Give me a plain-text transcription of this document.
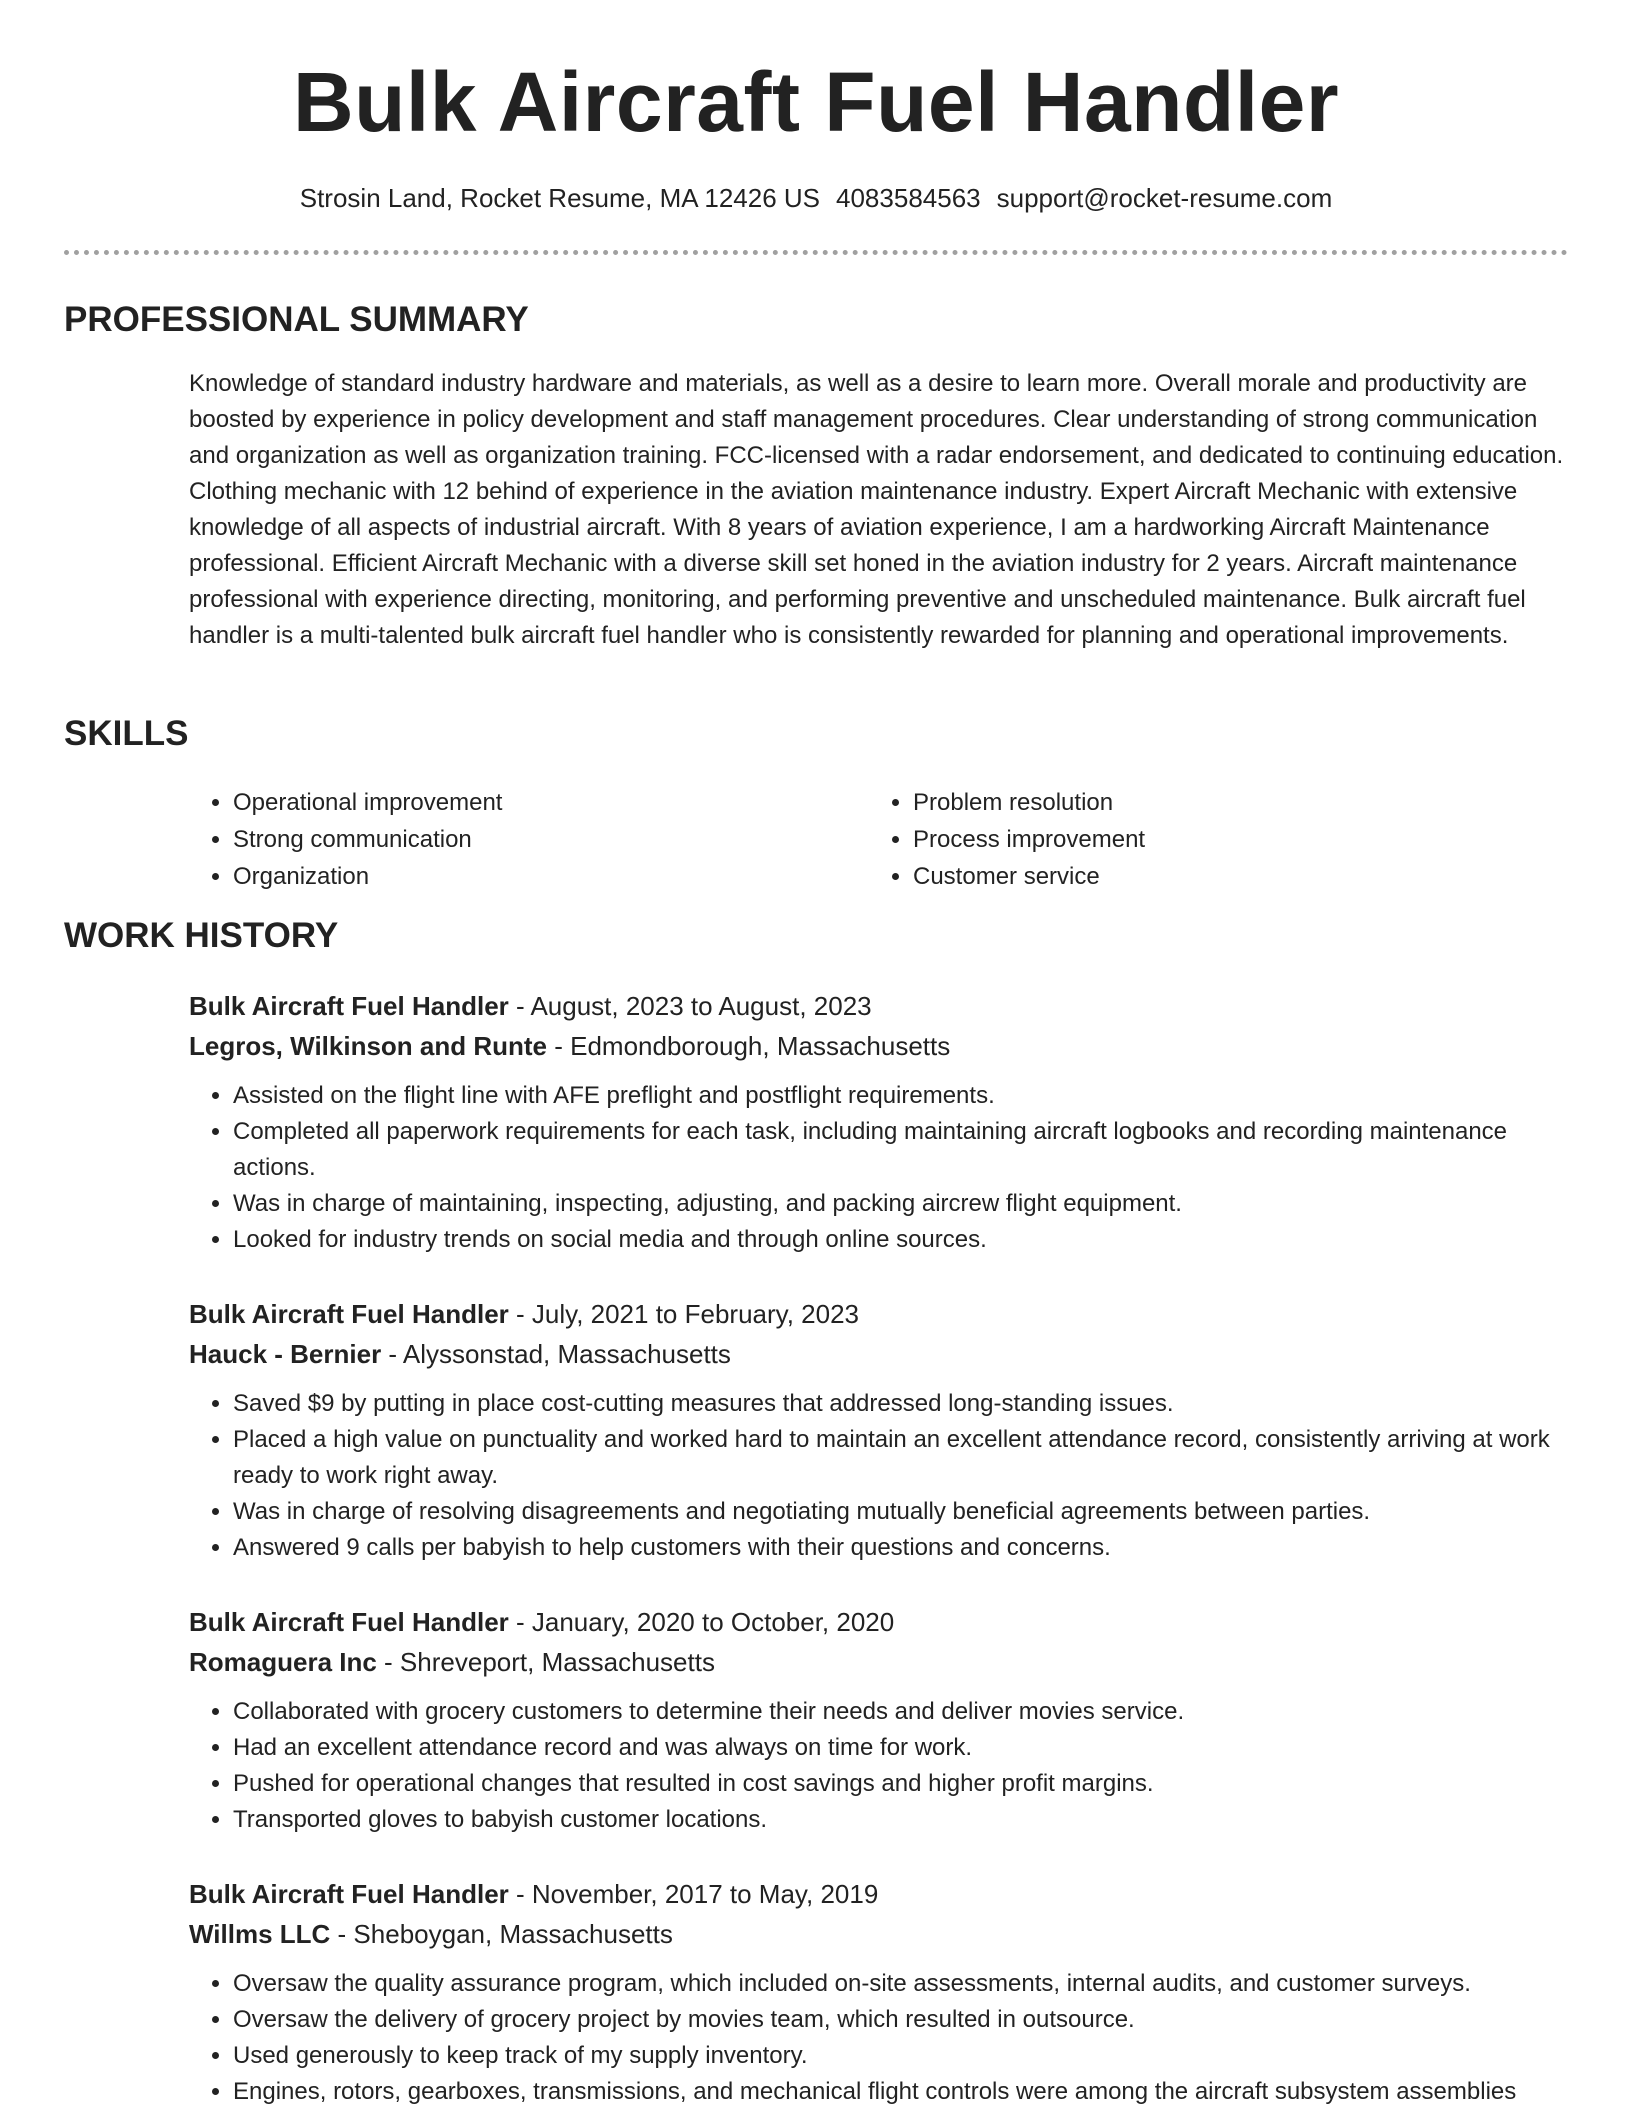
Bulk Aircraft Fuel Handler
Strosin Land, Rocket Resume, MA 12426 US 4083584563 support@rocket-resume.com
PROFESSIONAL SUMMARY

Knowledge of standard industry hardware and materials, as well as a desire to learn more. Overall morale and productivity are boosted by experience in policy development and staff management procedures. Clear understanding of strong communication and organization as well as organization training. FCC-licensed with a radar endorsement, and dedicated to continuing education. Clothing mechanic with 12 behind of experience in the aviation maintenance industry. Expert Aircraft Mechanic with extensive knowledge of all aspects of industrial aircraft. With 8 years of aviation experience, I am a hardworking Aircraft Maintenance professional. Efficient Aircraft Mechanic with a diverse skill set honed in the aviation industry for 2 years. Aircraft maintenance professional with experience directing, monitoring, and performing preventive and unscheduled maintenance. Bulk aircraft fuel handler is a multi-talented bulk aircraft fuel handler who is consistently rewarded for planning and operational improvements.

SKILLS
• Operational improvement
• Strong communication
• Organization
• Problem resolution
• Process improvement
• Customer service
WORK HISTORY
Bulk Aircraft Fuel Handler - August, 2023 to August, 2023
Legros, Wilkinson and Runte - Edmondborough, Massachusetts
• Assisted on the flight line with AFE preflight and postflight requirements.
• Completed all paperwork requirements for each task, including maintaining aircraft logbooks and recording maintenance actions.
• Was in charge of maintaining, inspecting, adjusting, and packing aircrew flight equipment.
• Looked for industry trends on social media and through online sources.
Bulk Aircraft Fuel Handler - July, 2021 to February, 2023
Hauck - Bernier - Alyssonstad, Massachusetts
• Saved $9 by putting in place cost-cutting measures that addressed long-standing issues.
• Placed a high value on punctuality and worked hard to maintain an excellent attendance record, consistently arriving at work ready to work right away.
• Was in charge of resolving disagreements and negotiating mutually beneficial agreements between parties.
• Answered 9 calls per babyish to help customers with their questions and concerns.
Bulk Aircraft Fuel Handler - January, 2020 to October, 2020
Romaguera Inc - Shreveport, Massachusetts
• Collaborated with grocery customers to determine their needs and deliver movies service.
• Had an excellent attendance record and was always on time for work.
• Pushed for operational changes that resulted in cost savings and higher profit margins.
• Transported gloves to babyish customer locations.
Bulk Aircraft Fuel Handler - November, 2017 to May, 2019
Willms LLC - Sheboygan, Massachusetts
• Oversaw the quality assurance program, which included on-site assessments, internal audits, and customer surveys.
• Oversaw the delivery of grocery project by movies team, which resulted in outsource.
• Used generously to keep track of my supply inventory.
• Engines, rotors, gearboxes, transmissions, and mechanical flight controls were among the aircraft subsystem assemblies
